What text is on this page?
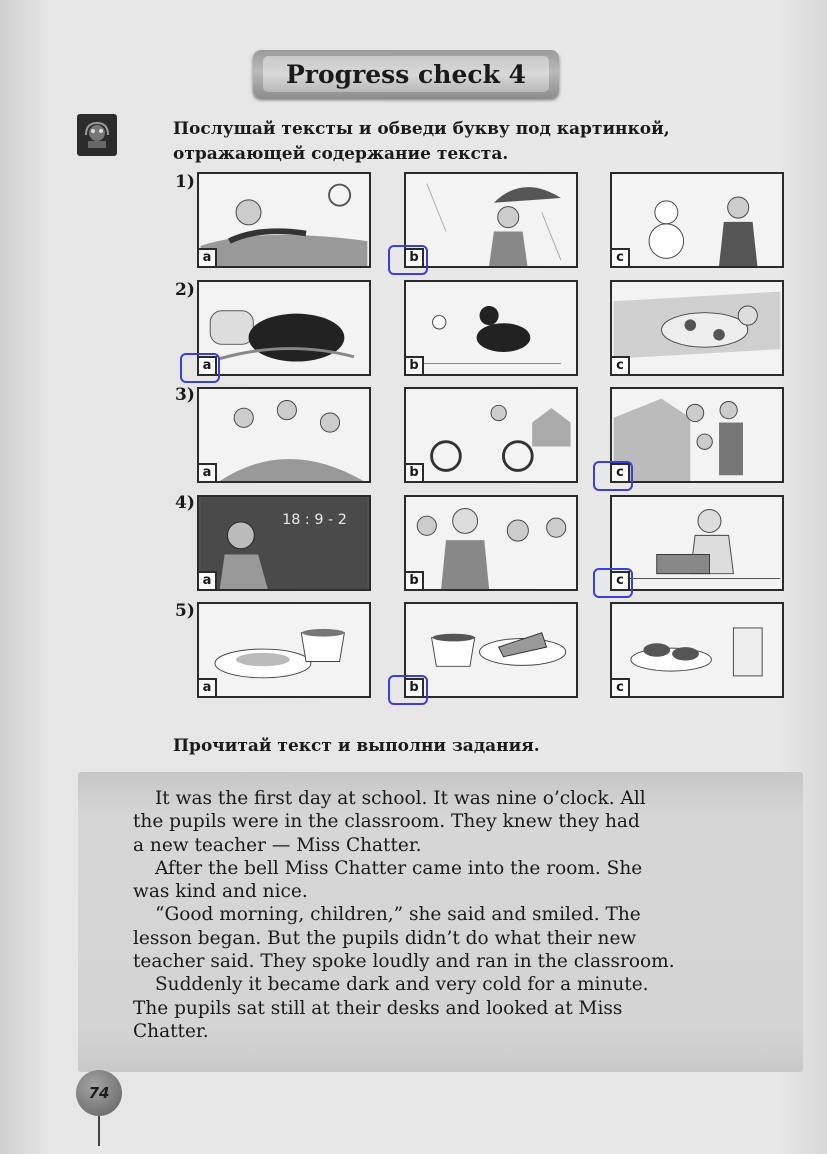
Progress check 4
Послушай тексты и обведи букву под картинкой, отражающей содержание текста.
1)
2)
3)
4)
5)
a	b	c
a	b	c
a	b	c
18 : 9 - 2
a	b	c
a	b	c
Прочитай текст и выполни задания.

It was the first day at school. It was nine o’clock. All

the pupils were in the classroom. They knew they had

a new teacher — Miss Chatter.

After the bell Miss Chatter came into the room. She

was kind and nice.

“Good morning, children,” she said and smiled. The

lesson began. But the pupils didn’t do what their new

teacher said. They spoke loudly and ran in the classroom.

Suddenly it became dark and very cold for a minute.

The pupils sat still at their desks and looked at Miss

Chatter.

74
